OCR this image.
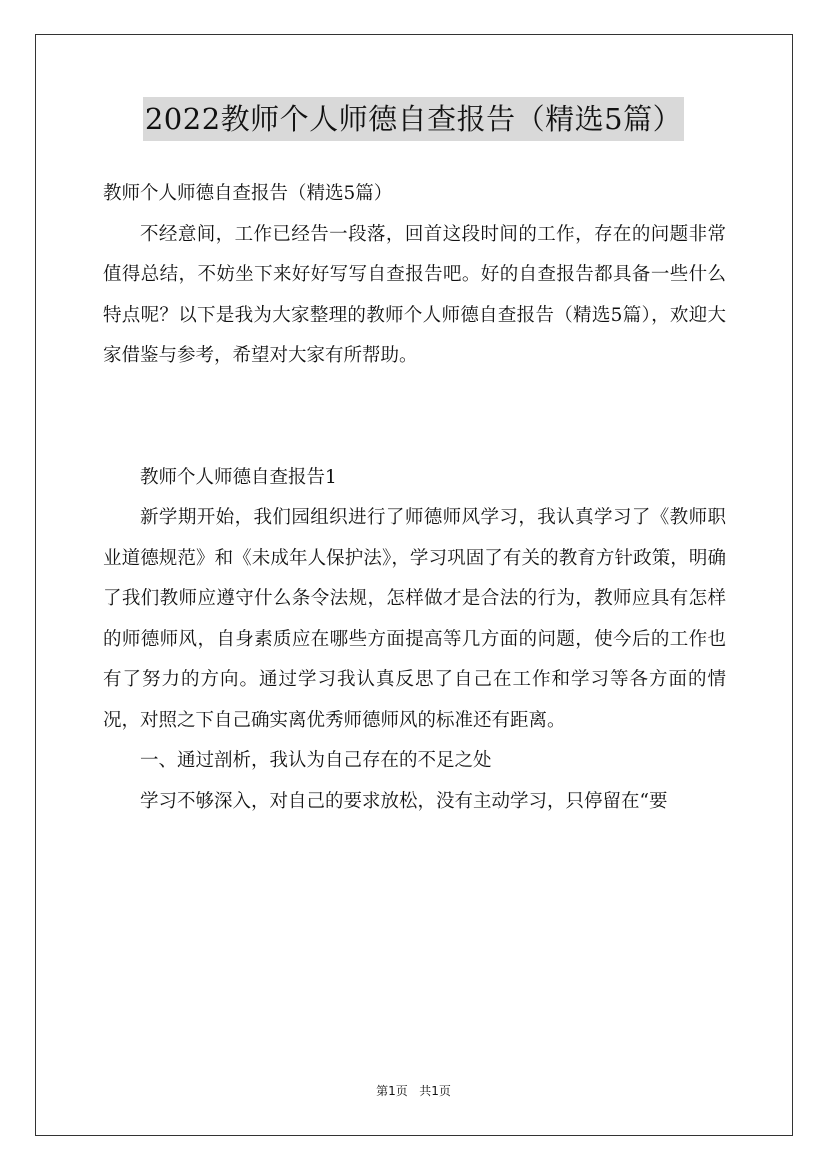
2022教师个人师德自查报告（精选5篇）

教师个人师德自查报告（精选5篇）

不经意间，工作已经告一段落，回首这段时间的工作，存在的问题非常值得总结，不妨坐下来好好写写自查报告吧。好的自查报告都具备一些什么特点呢？以下是我为大家整理的教师个人师德自查报告（精选5篇），欢迎大家借鉴与参考，希望对大家有所帮助。

教师个人师德自查报告1

新学期开始，我们园组织进行了师德师风学习，我认真学习了《教师职业道德规范》和《未成年人保护法》，学习巩固了有关的教育方针政策，明确了我们教师应遵守什么条令法规，怎样做才是合法的行为，教师应具有怎样的师德师风，自身素质应在哪些方面提高等几方面的问题，使今后的工作也有了努力的方向。通过学习我认真反思了自己在工作和学习等各方面的情况，对照之下自己确实离优秀师德师风的标准还有距离。

一、通过剖析，我认为自己存在的不足之处

学习不够深入，对自己的要求放松，没有主动学习，只停留在“要

第1页 共1页
